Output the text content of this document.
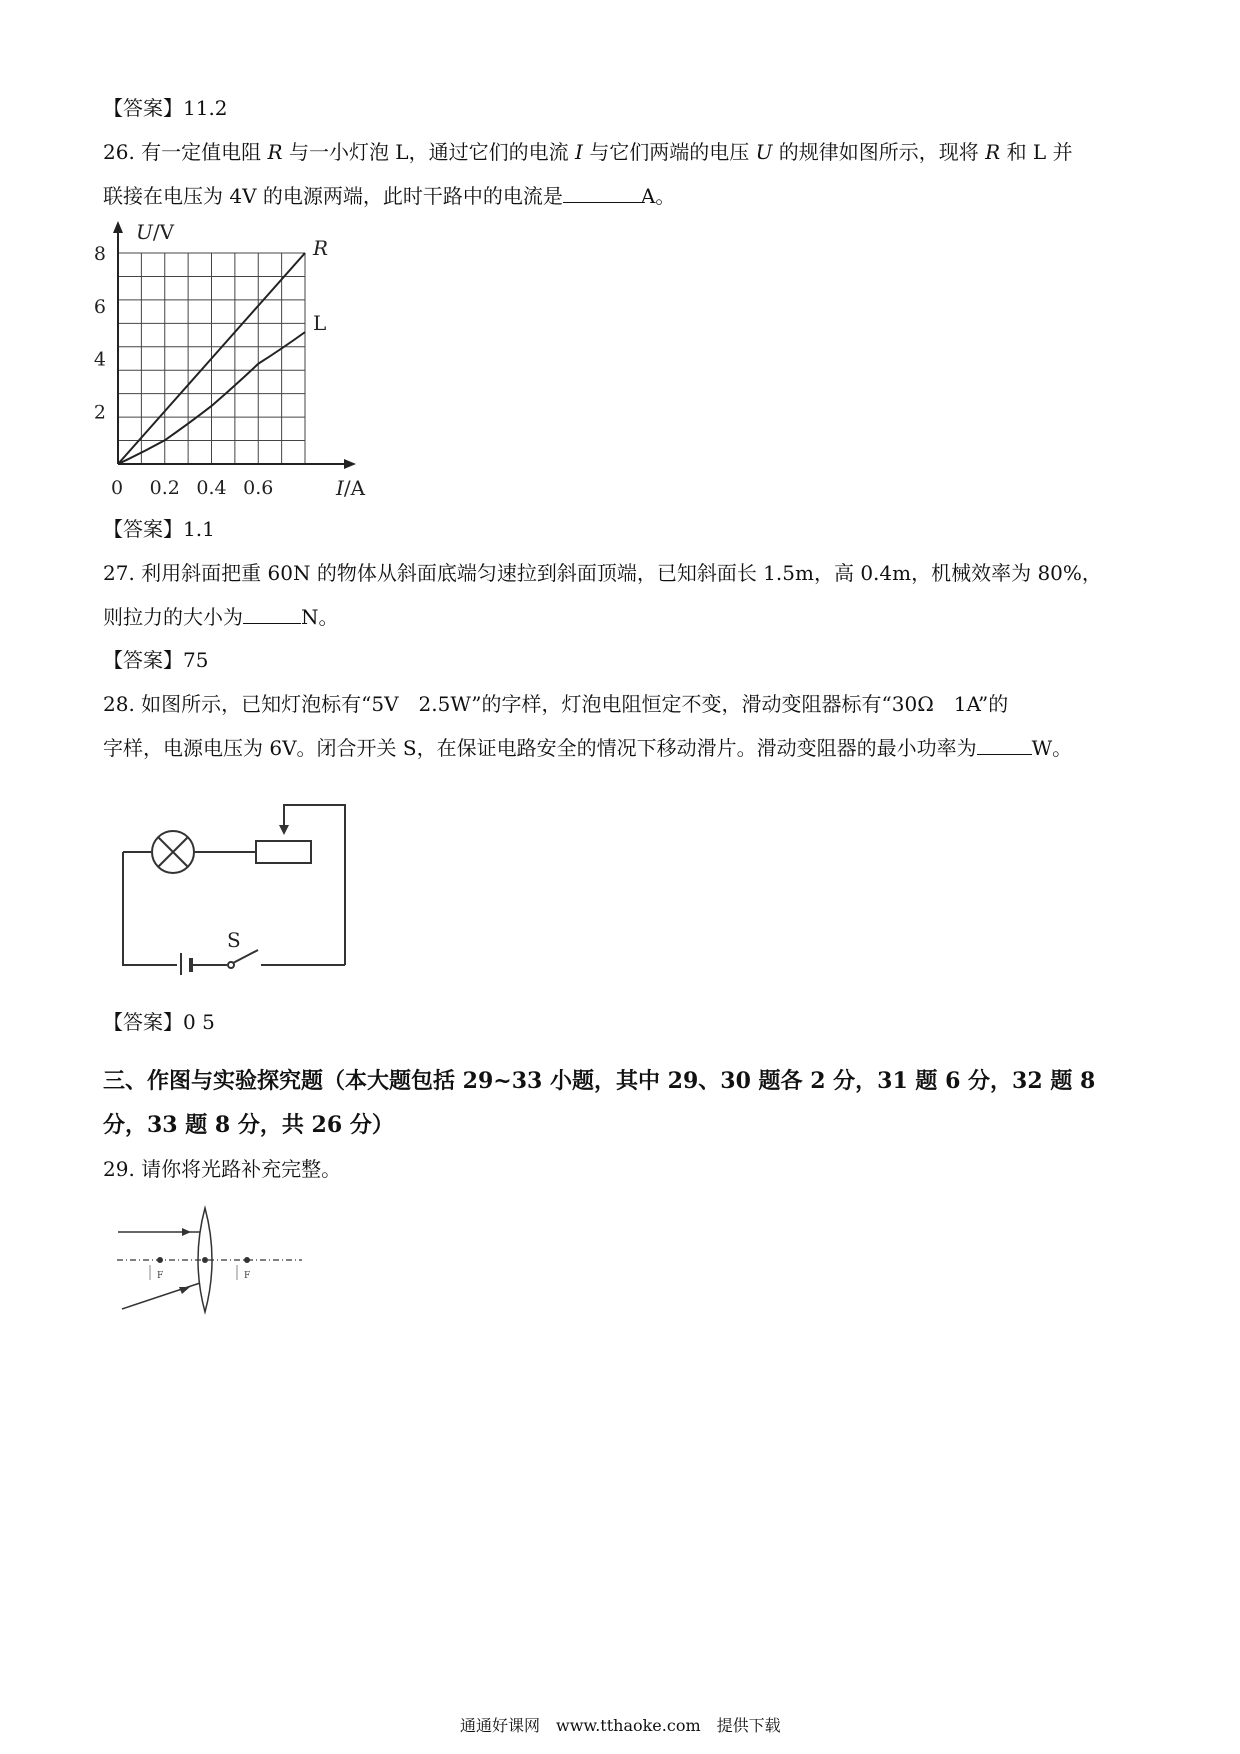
【答案】11.2
26. 有一定值电阻 R 与一小灯泡 L，通过它们的电流 I 与它们两端的电压 U 的规律如图所示，现将 R 和 L 并
联接在电压为 4V 的电源两端，此时干路中的电流是	A。
R
L
2
4
6
8
0 0.2 0.4 0.6
U/V
I/A
【答案】1.1
27. 利用斜面把重 60N 的物体从斜面底端匀速拉到斜面顶端，已知斜面长 1.5m，高 0.4m，机械效率为 80%，
则拉力的大小为	N。
【答案】75
28. 如图所示，已知灯泡标有“5V　2.5W”的字样，灯泡电阻恒定不变，滑动变阻器标有“30Ω　1A”的
字样，电源电压为 6V。闭合开关 S，在保证电路安全的情况下移动滑片。滑动变阻器的最小功率为	W。
S
【答案】0 5
三、作图与实验探究题（本大题包括 29~33 小题，其中 29、30 题各 2 分，31 题 6 分，32 题 8
分，33 题 8 分，共 26 分）
29. 请你将光路补充完整。
F	F
通通好课网　www.tthaoke.com　提供下载
